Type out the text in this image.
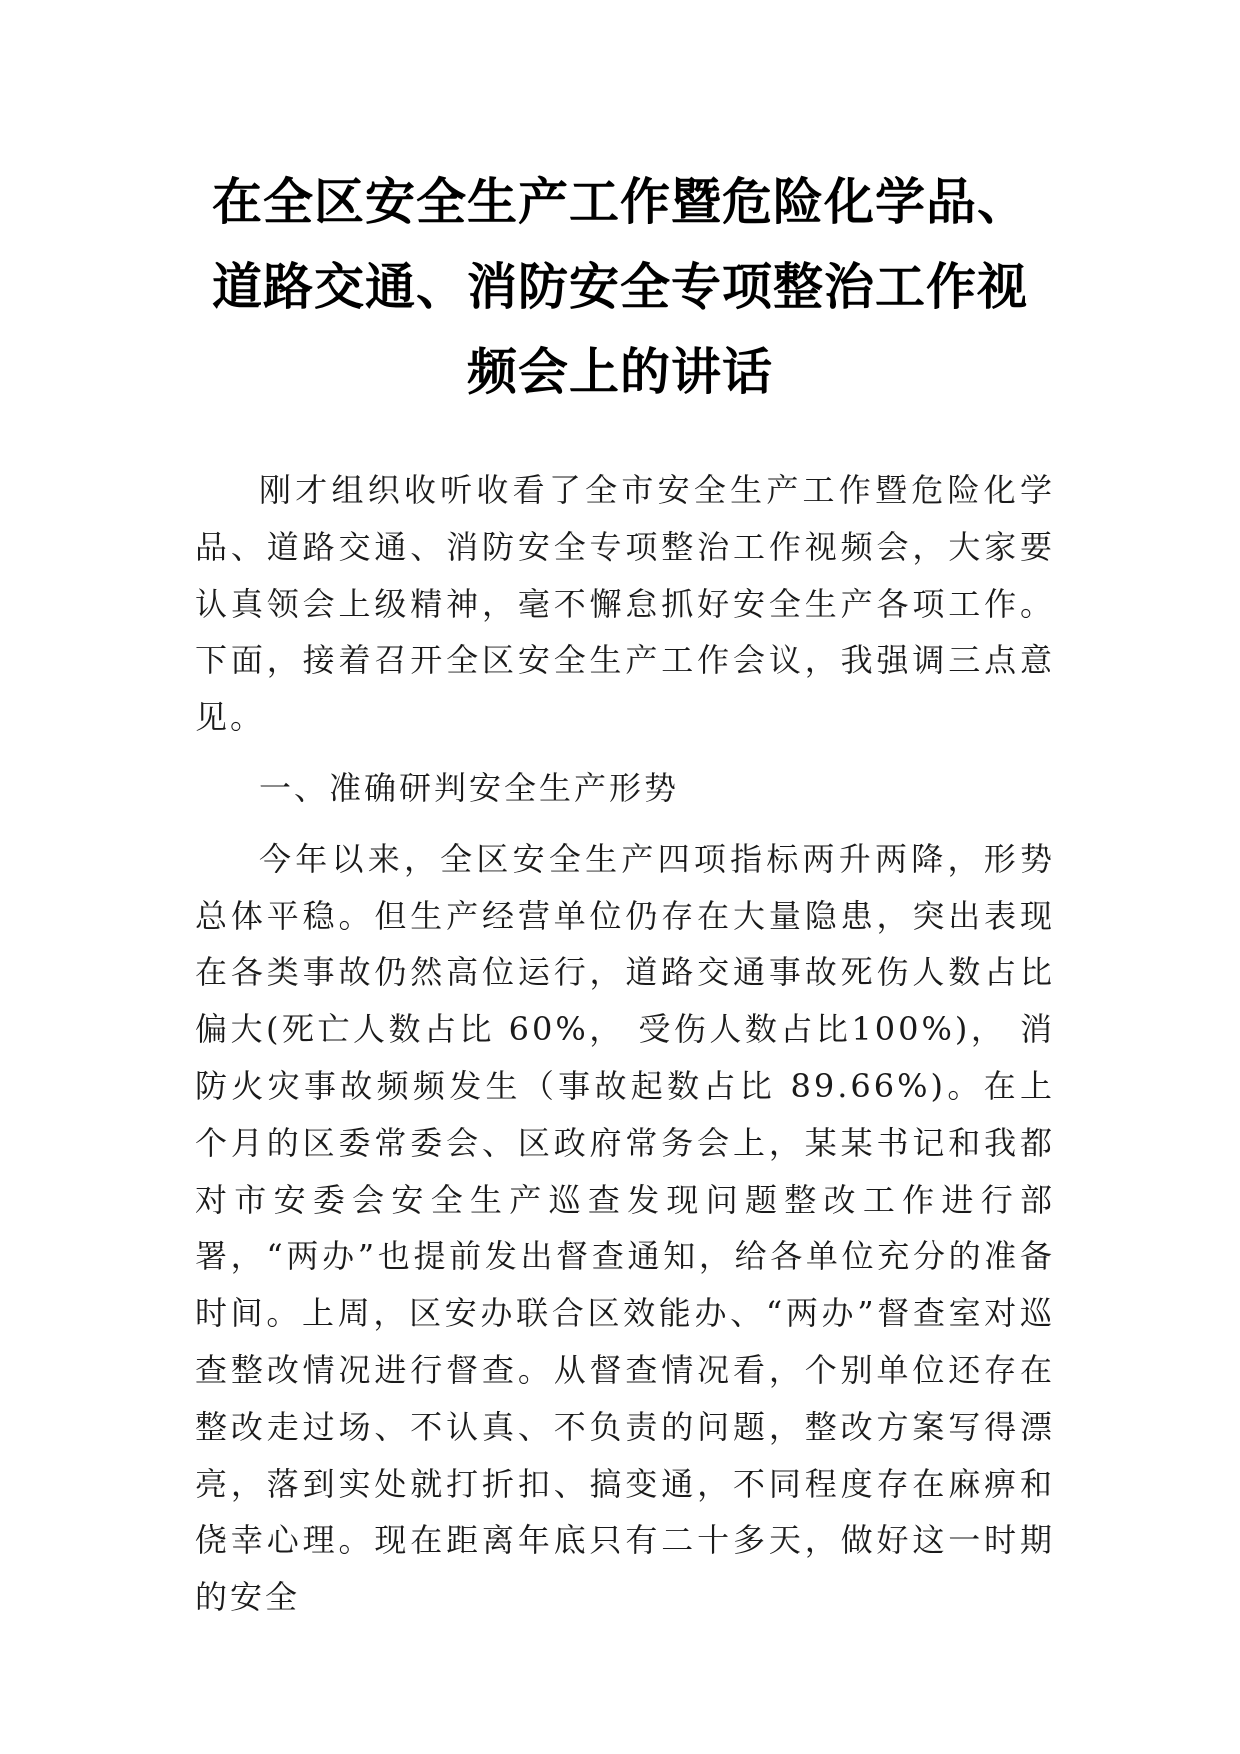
在全区安全生产工作暨危险化学品、
道路交通、消防安全专项整治工作视
频会上的讲话

刚才组织收听收看了全市安全生产工作暨危险化学品、道路交通、消防安全专项整治工作视频会，大家要认真领会上级精神，毫不懈怠抓好安全生产各项工作。下面，接着召开全区安全生产工作会议，我强调三点意见。

一、准确研判安全生产形势

今年以来，全区安全生产四项指标两升两降，形势总体平稳。但生产经营单位仍存在大量隐患，突出表现在各类事故仍然高位运行，道路交通事故死伤人数占比偏大(死亡人数占比 60%， 受伤人数占比100%)， 消防火灾事故频频发生（事故起数占比 89.66%)。在上个月的区委常委会、区政府常务会上，某某书记和我都对市安委会安全生产巡查发现问题整改工作进行部署，“两办”也提前发出督查通知，给各单位充分的准备时间。上周，区安办联合区效能办、“两办”督查室对巡查整改情况进行督查。从督查情况看，个别单位还存在整改走过场、不认真、不负责的问题，整改方案写得漂亮，落到实处就打折扣、搞变通，不同程度存在麻痹和侥幸心理。现在距离年底只有二十多天，做好这一时期的安全
